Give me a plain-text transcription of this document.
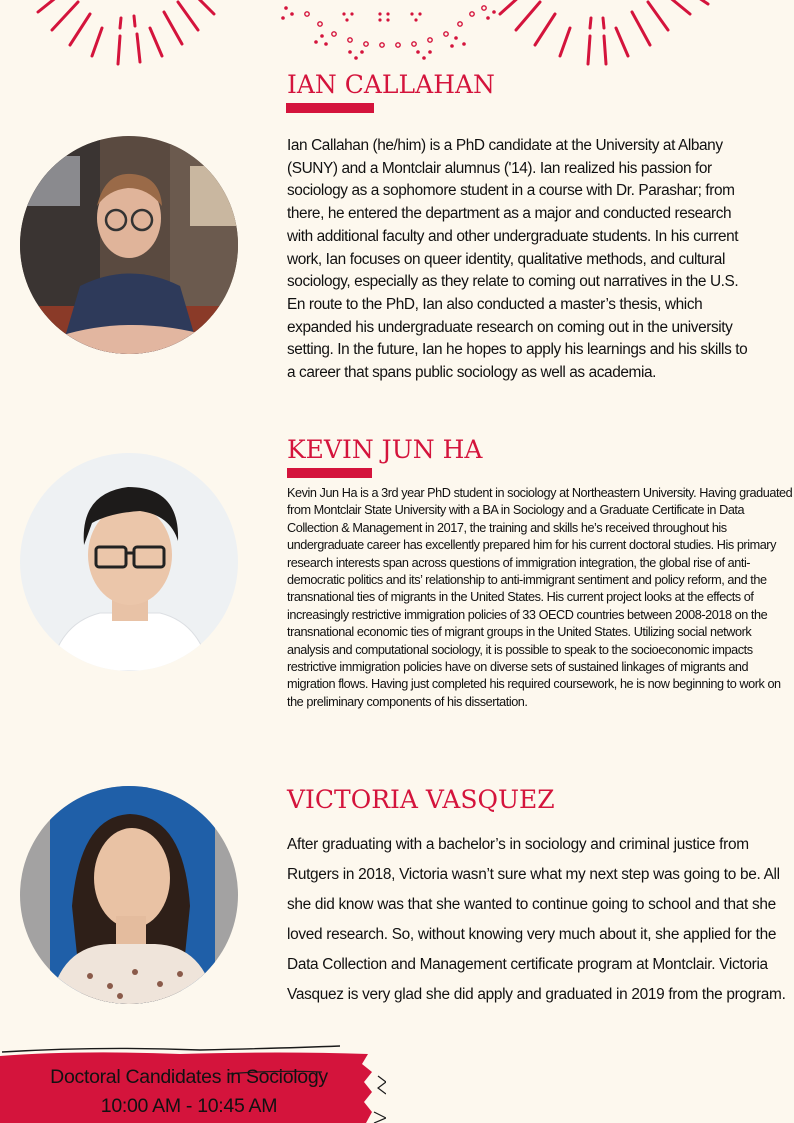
IAN CALLAHAN

Ian Callahan (he/him) is a PhD candidate at the University at Albany (SUNY) and a Montclair alumnus ('14). Ian realized his passion for sociology as a sophomore student in a course with Dr. Parashar; from there, he entered the department as a major and conducted research with additional faculty and other undergraduate students. In his current work, Ian focuses on queer identity, qualitative methods, and cultural sociology, especially as they relate to coming out narratives in the U.S. En route to the PhD, Ian also conducted a master’s thesis, which expanded his undergraduate research on coming out in the university setting. In the future, Ian he hopes to apply his learnings and his skills to a career that spans public sociology as well as academia.

KEVIN JUN HA

Kevin Jun Ha is a 3rd year PhD student in sociology at Northeastern University. Having graduated from Montclair State University with a BA in Sociology and a Graduate Certificate in Data Collection & Management in 2017, the training and skills he’s received throughout his undergraduate career has excellently prepared him for his current doctoral studies. His primary research interests span across questions of immigration integration, the global rise of anti-democratic politics and its’ relationship to anti-immigrant sentiment and policy reform, and the transnational ties of migrants in the United States. His current project looks at the effects of increasingly restrictive immigration policies of 33 OECD countries between 2008-2018 on the transnational economic ties of migrant groups in the United States. Utilizing social network analysis and computational sociology, it is possible to speak to the socioeconomic impacts restrictive immigration policies have on diverse sets of sustained linkages of migrants and migration flows. Having just completed his required coursework, he is now beginning to work on the preliminary components of his dissertation.

VICTORIA VASQUEZ

After graduating with a bachelor’s in sociology and criminal justice from Rutgers in 2018, Victoria wasn’t sure what my next step was going to be. All she did know was that she wanted to continue going to school and that she loved research. So, without knowing very much about it, she applied for the Data Collection and Management certificate program at Montclair. Victoria Vasquez is very glad she did apply and graduated in 2019 from the program.

Doctoral Candidates in Sociology
10:00 AM - 10:45 AM
